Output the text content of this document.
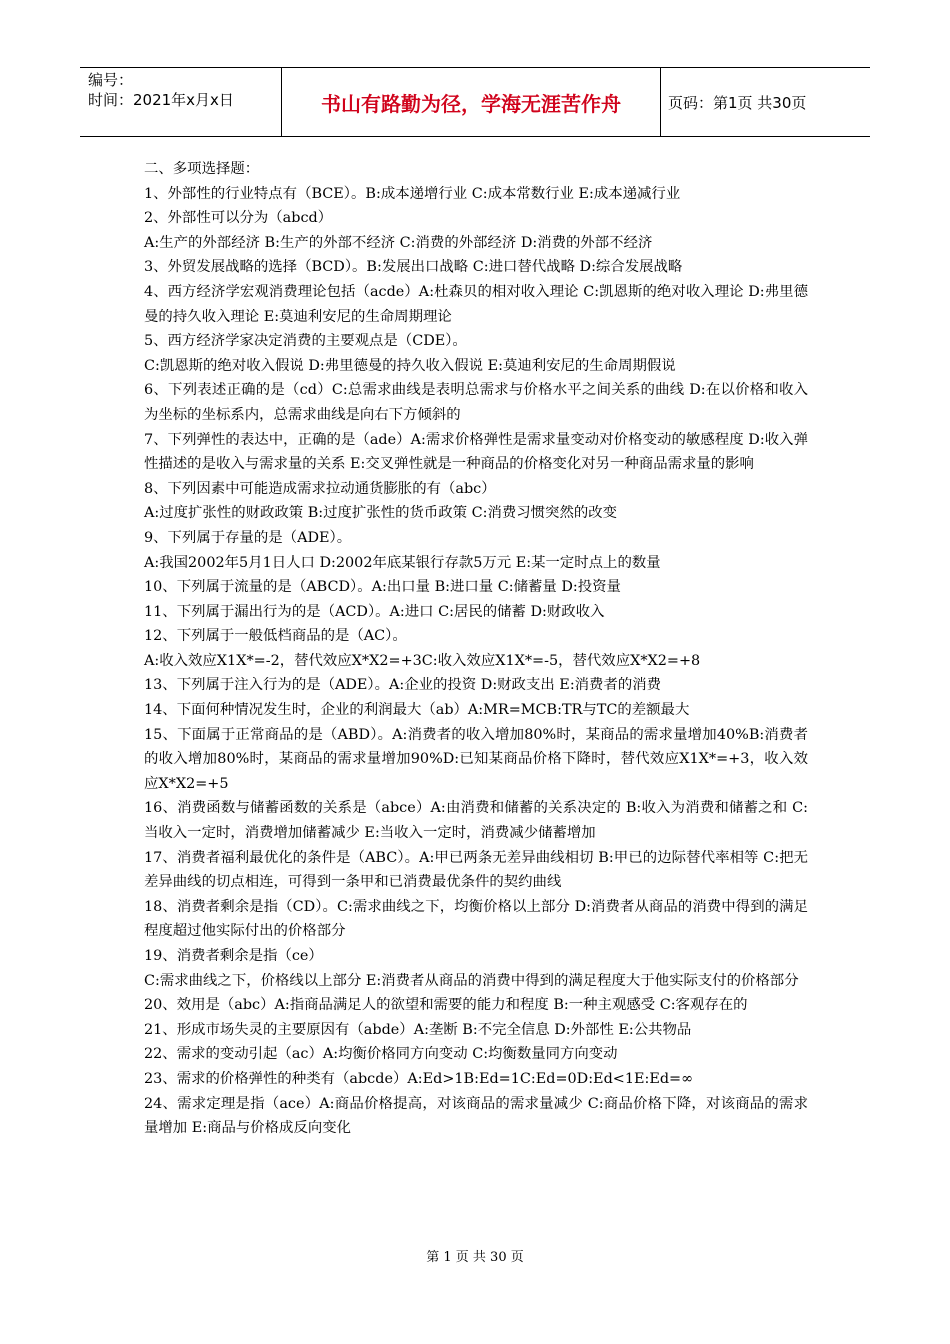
编号：
时间：2021年x月x日	书山有路勤为径，学海无涯苦作舟	页码：第1页 共30页

二、多项选择题：

1、外部性的行业特点有（BCE）。B:成本递增行业 C:成本常数行业 E:成本递减行业

2、外部性可以分为（abcd）

A:生产的外部经济 B:生产的外部不经济 C:消费的外部经济 D:消费的外部不经济

3、外贸发展战略的选择（BCD）。B:发展出口战略 C:进口替代战略 D:综合发展战略

4、西方经济学宏观消费理论包括（acde）A:杜森贝的相对收入理论 C:凯恩斯的绝对收入理论 D:弗里德曼的持久收入理论 E:莫迪利安尼的生命周期理论

5、西方经济学家决定消费的主要观点是（CDE）。

C:凯恩斯的绝对收入假说 D:弗里德曼的持久收入假说 E:莫迪利安尼的生命周期假说

6、下列表述正确的是（cd）C:总需求曲线是表明总需求与价格水平之间关系的曲线 D:在以价格和收入为坐标的坐标系内，总需求曲线是向右下方倾斜的

7、下列弹性的表达中，正确的是（ade）A:需求价格弹性是需求量变动对价格变动的敏感程度 D:收入弹性描述的是收入与需求量的关系 E:交叉弹性就是一种商品的价格变化对另一种商品需求量的影响

8、下列因素中可能造成需求拉动通货膨胀的有（abc）

A:过度扩张性的财政政策 B:过度扩张性的货币政策 C:消费习惯突然的改变

9、下列属于存量的是（ADE）。

A:我国2002年5月1日人口 D:2002年底某银行存款5万元 E:某一定时点上的数量

10、下列属于流量的是（ABCD）。A:出口量 B:进口量 C:储蓄量 D:投资量

11、下列属于漏出行为的是（ACD）。A:进口 C:居民的储蓄 D:财政收入

12、下列属于一般低档商品的是（AC）。

A:收入效应X1X*=-2，替代效应X*X2=+3C:收入效应X1X*=-5，替代效应X*X2=+8

13、下列属于注入行为的是（ADE）。A:企业的投资 D:财政支出 E:消费者的消费

14、下面何种情况发生时，企业的利润最大（ab）A:MR=MCB:TR与TC的差额最大

15、下面属于正常商品的是（ABD）。A:消费者的收入增加80%时，某商品的需求量增加40%B:消费者的收入增加80%时，某商品的需求量增加90%D:已知某商品价格下降时，替代效应X1X*=+3，收入效应X*X2=+5

16、消费函数与储蓄函数的关系是（abce）A:由消费和储蓄的关系决定的 B:收入为消费和储蓄之和 C:当收入一定时，消费增加储蓄减少 E:当收入一定时，消费减少储蓄增加

17、消费者福利最优化的条件是（ABC）。A:甲已两条无差异曲线相切 B:甲已的边际替代率相等 C:把无差异曲线的切点相连，可得到一条甲和已消费最优条件的契约曲线

18、消费者剩余是指（CD）。C:需求曲线之下，均衡价格以上部分 D:消费者从商品的消费中得到的满足程度超过他实际付出的价格部分

19、消费者剩余是指（ce）

C:需求曲线之下，价格线以上部分 E:消费者从商品的消费中得到的满足程度大于他实际支付的价格部分

20、效用是（abc）A:指商品满足人的欲望和需要的能力和程度 B:一种主观感受 C:客观存在的

21、形成市场失灵的主要原因有（abde）A:垄断 B:不完全信息 D:外部性 E:公共物品

22、需求的变动引起（ac）A:均衡价格同方向变动 C:均衡数量同方向变动

23、需求的价格弹性的种类有（abcde）A:Ed>1B:Ed=1C:Ed=0D:Ed<1E:Ed=∞

24、需求定理是指（ace）A:商品价格提高，对该商品的需求量减少 C:商品价格下降，对该商品的需求量增加 E:商品与价格成反向变化

第 1 页 共 30 页
